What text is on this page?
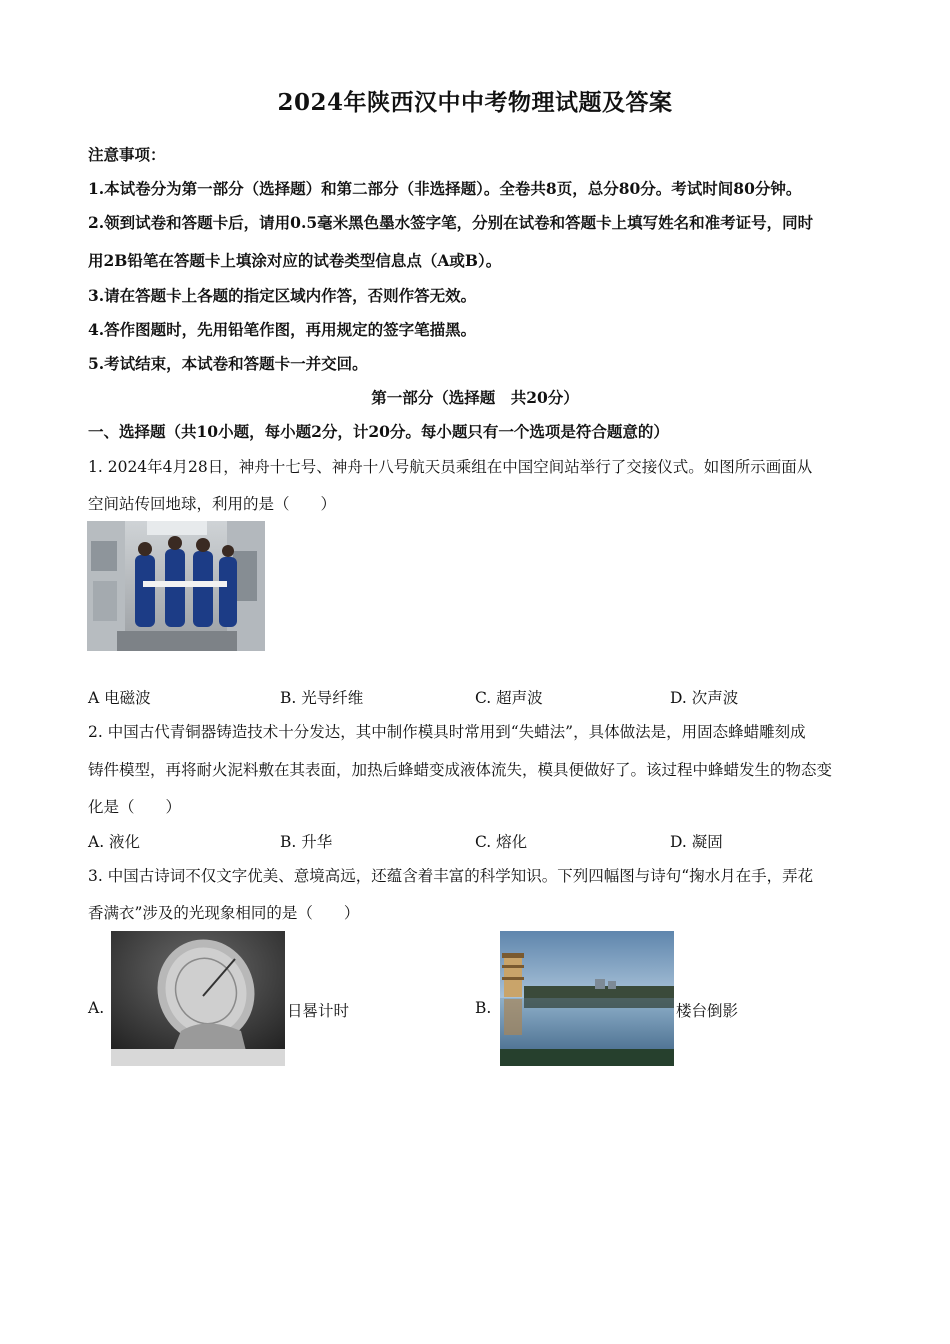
2024年陕西汉中中考物理试题及答案
注意事项：
1.本试卷分为第一部分（选择题）和第二部分（非选择题）。全卷共8页，总分80分。考试时间80分钟。
2.领到试卷和答题卡后，请用0.5毫米黑色墨水签字笔，分别在试卷和答题卡上填写姓名和准考证号，同时
用2B铅笔在答题卡上填涂对应的试卷类型信息点（A或B）。
3.请在答题卡上各题的指定区域内作答，否则作答无效。
4.答作图题时，先用铅笔作图，再用规定的签字笔描黑。
5.考试结束，本试卷和答题卡一并交回。
第一部分（选择题　共20分）
一、选择题（共10小题，每小题2分，计20分。每小题只有一个选项是符合题意的）
1. 2024年4月28日，神舟十七号、神舟十八号航天员乘组在中国空间站举行了交接仪式。如图所示画面从
空间站传回地球，利用的是（　　）
A 电磁波	B. 光导纤维	C. 超声波	D. 次声波
2. 中国古代青铜器铸造技术十分发达，其中制作模具时常用到“失蜡法”，具体做法是，用固态蜂蜡雕刻成
铸件模型，再将耐火泥料敷在其表面，加热后蜂蜡变成液体流失，模具便做好了。该过程中蜂蜡发生的物态变
化是（　　）
A. 液化	B. 升华	C. 熔化	D. 凝固
3. 中国古诗词不仅文字优美、意境高远，还蕴含着丰富的科学知识。下列四幅图与诗句“掬水月在手，弄花
香满衣”涉及的光现象相同的是（　　）
A.	日晷计时	B.	楼台倒影
